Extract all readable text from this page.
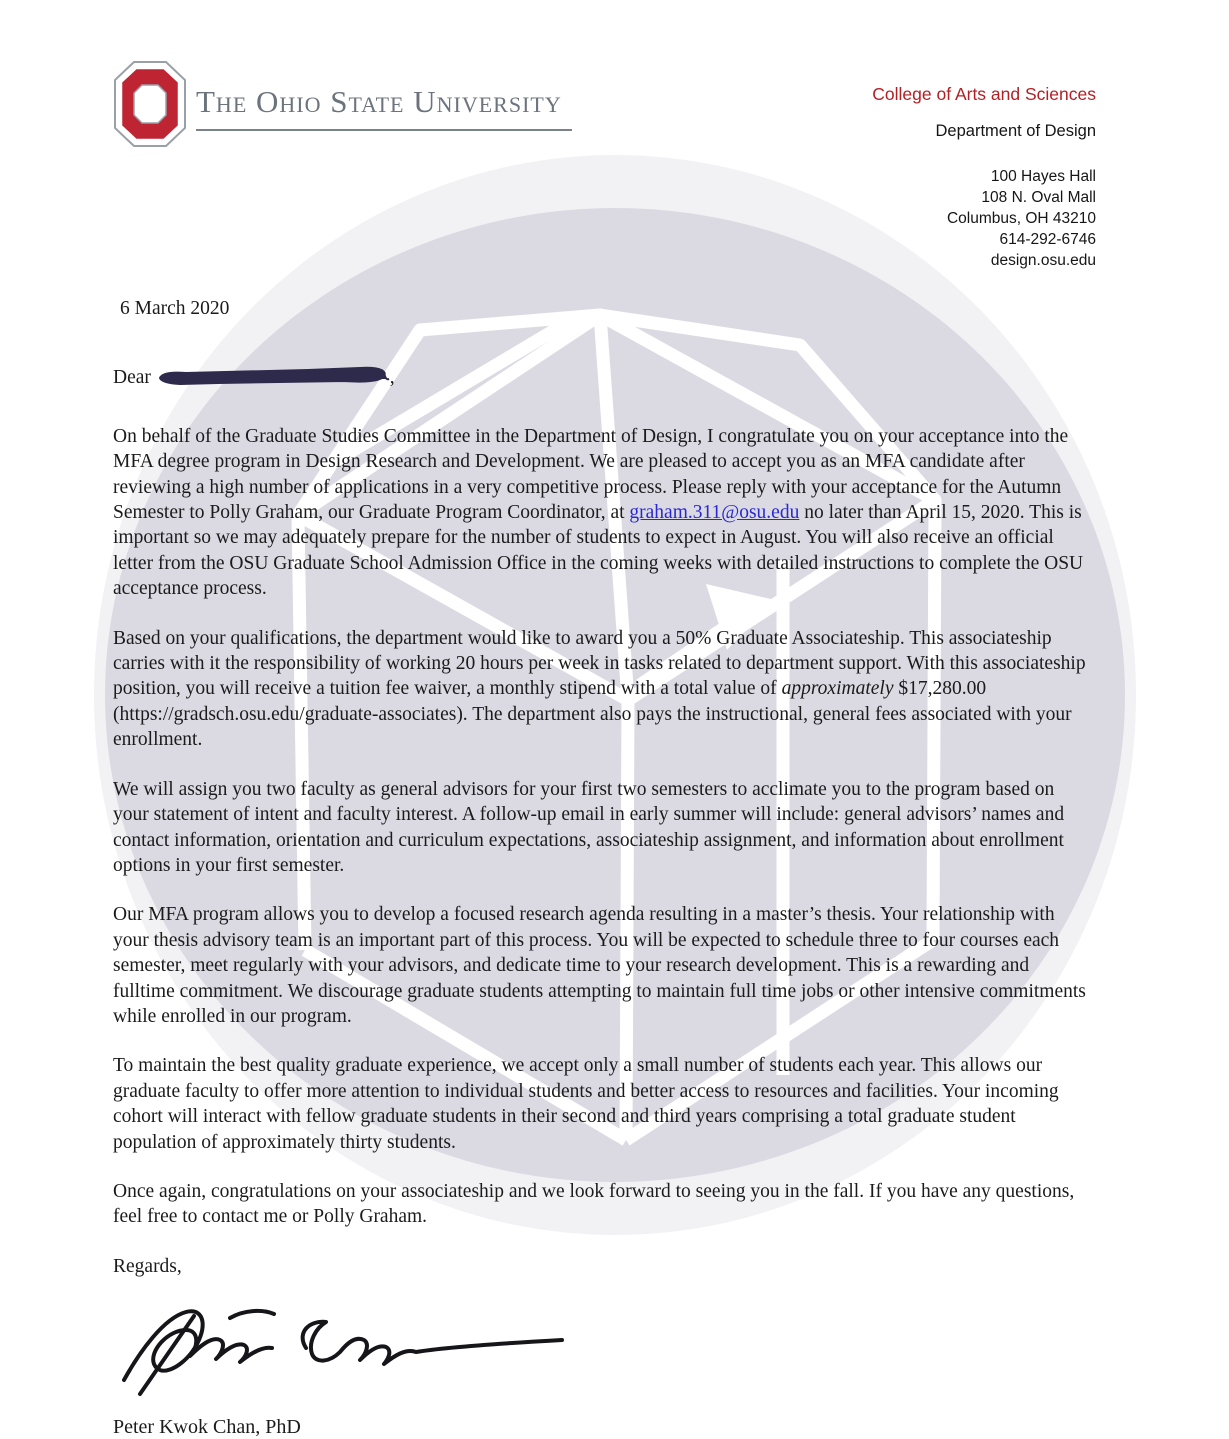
The Ohio State University	College of Arts and Sciences
Department of Design
100 Hayes Hall
108 N. Oval Mall
Columbus, OH 43210
614-292-6746
design.osu.edu

6 March 2020

Dear	,

On behalf of the Graduate Studies Committee in the Department of Design, I congratulate you on your acceptance into the MFA degree program in Design Research and Development. We are pleased to accept you as an MFA candidate after reviewing a high number of applications in a very competitive process. Please reply with your acceptance for the Autumn Semester to Polly Graham, our Graduate Program Coordinator, at graham.311@osu.edu no later than April 15, 2020. This is important so we may adequately prepare for the number of students to expect in August. You will also receive an official letter from the OSU Graduate School Admission Office in the coming weeks with detailed instructions to complete the OSU acceptance process.

Based on your qualifications, the department would like to award you a 50% Graduate Associateship. This associateship carries with it the responsibility of working 20 hours per week in tasks related to department support. With this associateship position, you will receive a tuition fee waiver, a monthly stipend with a total value of approximately $17,280.00 (https://gradsch.osu.edu/graduate-associates). The department also pays the instructional, general fees associated with your enrollment.

We will assign you two faculty as general advisors for your first two semesters to acclimate you to the program based on your statement of intent and faculty interest. A follow-up email in early summer will include: general advisors’ names and contact information, orientation and curriculum expectations, associateship assignment, and information about enrollment options in your first semester.

Our MFA program allows you to develop a focused research agenda resulting in a master’s thesis. Your relationship with your thesis advisory team is an important part of this process. You will be expected to schedule three to four courses each semester, meet regularly with your advisors, and dedicate time to your research development. This is a rewarding and fulltime commitment. We discourage graduate students attempting to maintain full time jobs or other intensive commitments while enrolled in our program.

To maintain the best quality graduate experience, we accept only a small number of students each year. This allows our graduate faculty to offer more attention to individual students and better access to resources and facilities. Your incoming cohort will interact with fellow graduate students in their second and third years comprising a total graduate student population of approximately thirty students.

Once again, congratulations on your associateship and we look forward to seeing you in the fall. If you have any questions, feel free to contact me or Polly Graham.

Regards,

Peter Kwok Chan, PhD
